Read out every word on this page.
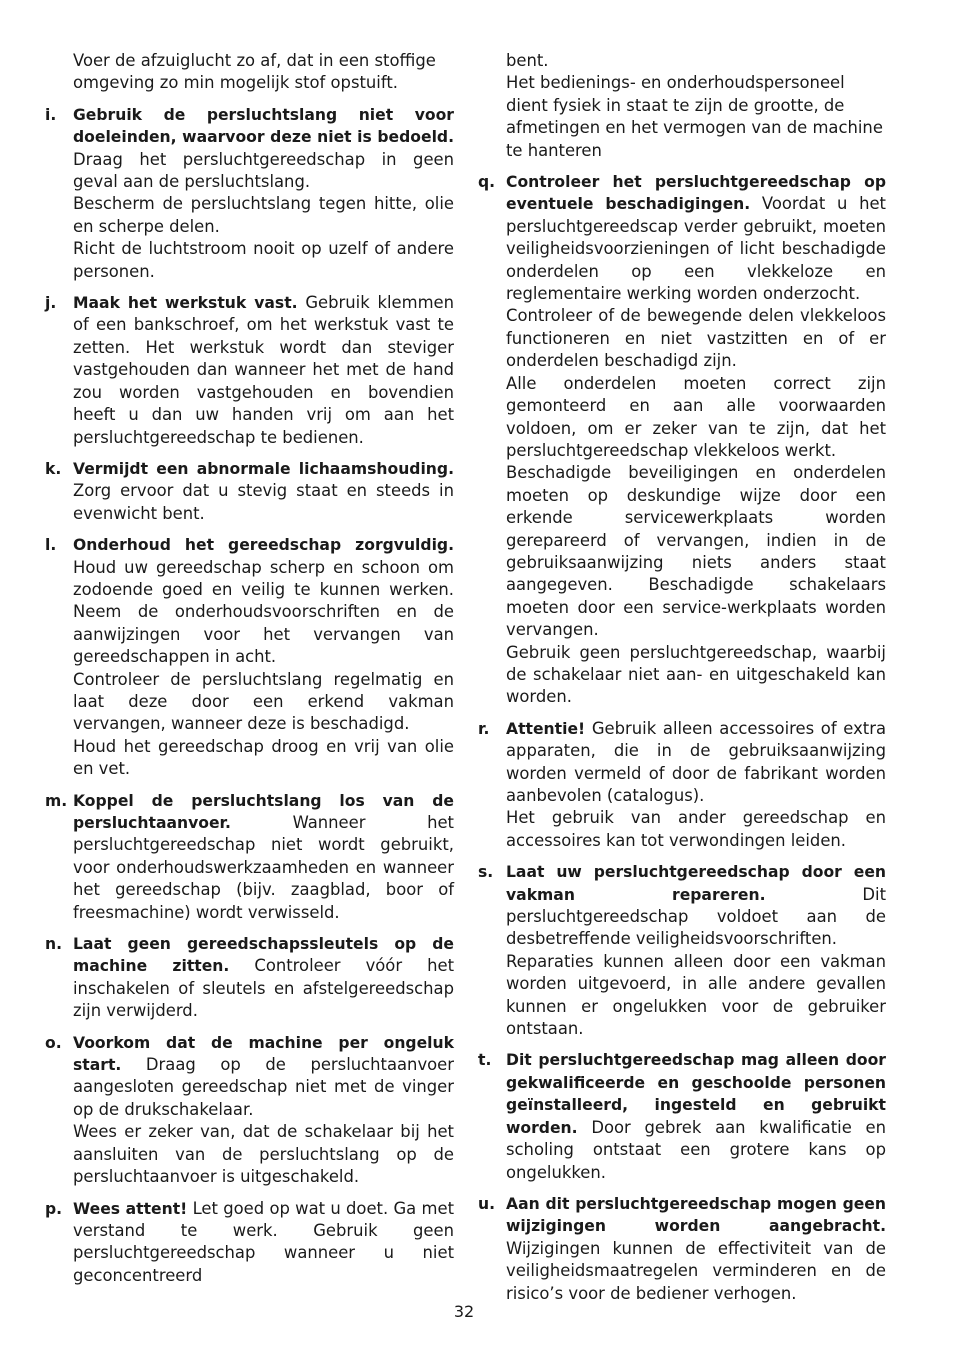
Voer de afzuiglucht zo af, dat in een stoffige omgeving zo min mogelijk stof opstuift.

i. Gebruik de persluchtslang niet voor doeleinden, waarvoor deze niet is bedoeld. Draag het persluchtgereedschap in geen geval aan de persluchtslang.

Bescherm de persluchtslang tegen hitte, olie en scherpe delen.

Richt de luchtstroom nooit op uzelf of andere personen.

j. Maak het werkstuk vast. Gebruik klemmen of een bankschroef, om het werkstuk vast te zetten. Het werkstuk wordt dan steviger vastgehouden dan wanneer het met de hand zou worden vastgehouden en bovendien heeft u dan uw handen vrij om aan het persluchtgereedschap te bedienen.

k. Vermijdt een abnormale lichaamshouding. Zorg ervoor dat u stevig staat en steeds in evenwicht bent.

l. Onderhoud het gereedschap zorgvuldig. Houd uw gereedschap scherp en schoon om zodoende goed en veilig te kunnen werken. Neem de onderhoudsvoorschriften en de aanwijzingen voor het vervangen van gereedschappen in acht.

Controleer de persluchtslang regelmatig en laat deze door een erkend vakman vervangen, wanneer deze is beschadigd.

Houd het gereedschap droog en vrij van olie en vet.

m. Koppel de persluchtslang los van de persluchtaanvoer.	Wanneer het persluchtgereedschap niet wordt gebruikt, voor onderhoudswerkzaamheden en wanneer het gereedschap (bijv. zaagblad, boor of freesmachine) wordt verwisseld.

n. Laat geen gereedschapssleutels op de machine zitten. Controleer vóór het inschakelen of sleutels en afstelgereedschap zijn verwijderd.

o. Voorkom dat de machine per ongeluk start. Draag op de persluchtaanvoer aangesloten gereedschap niet met de vinger op de drukschakelaar.

Wees er zeker van, dat de schakelaar bij het aansluiten van de persluchtslang op de persluchtaanvoer is uitgeschakeld.

p. Wees attent! Let goed op wat u doet. Ga met verstand te werk. Gebruik geen persluchtgereedschap wanneer u niet geconcentreerd

bent.

Het bedienings- en onderhoudspersoneel dient fysiek in staat te zijn de grootte, de afmetingen en het vermogen van de machine te hanteren

q. Controleer het persluchtgereedschap op eventuele beschadigingen. Voordat u het persluchtgereedscap verder gebruikt, moeten veiligheidsvoorzieningen of licht beschadigde onderdelen op een vlekkeloze en reglementaire werking worden onderzocht.

Controleer of de bewegende delen vlekkeloos functioneren en niet vastzitten en of er onderdelen beschadigd zijn.

Alle onderdelen moeten correct zijn gemonteerd en aan alle voorwaarden voldoen, om er zeker van te zijn, dat het persluchtgereedschap vlekkeloos werkt.

Beschadigde beveiligingen en onderdelen moeten op deskundige wijze door een erkende servicewerkplaats worden gerepareerd of vervangen, indien in de gebruiksaanwijzing niets anders staat aangegeven. Beschadigde schakelaars moeten door een service-werkplaats worden vervangen.

Gebruik geen persluchtgereedschap, waarbij de schakelaar niet aan- en uitgeschakeld kan worden.

r. Attentie! Gebruik alleen accessoires of extra apparaten, die in de gebruiksaanwijzing worden vermeld of door de fabrikant worden aanbevolen (catalogus).

Het gebruik van ander gereedschap en accessoires kan tot verwondingen leiden.

s. Laat uw persluchtgereedschap door een vakman repareren.	Dit persluchtgereedschap voldoet aan de desbetreffende veiligheidsvoorschriften.

Reparaties kunnen alleen door een vakman worden uitgevoerd, in alle andere gevallen kunnen er ongelukken voor de gebruiker ontstaan.

t. Dit persluchtgereedschap mag alleen door gekwalificeerde en geschoolde personen geïnstalleerd, ingesteld en gebruikt worden. Door gebrek aan kwalificatie en scholing ontstaat een grotere kans op ongelukken.

u. Aan dit persluchtgereedschap mogen geen wijzigingen worden aangebracht. Wijzigingen kunnen de effectiviteit van de veiligheidsmaatregelen verminderen en de risico’s voor de bediener verhogen.

32
